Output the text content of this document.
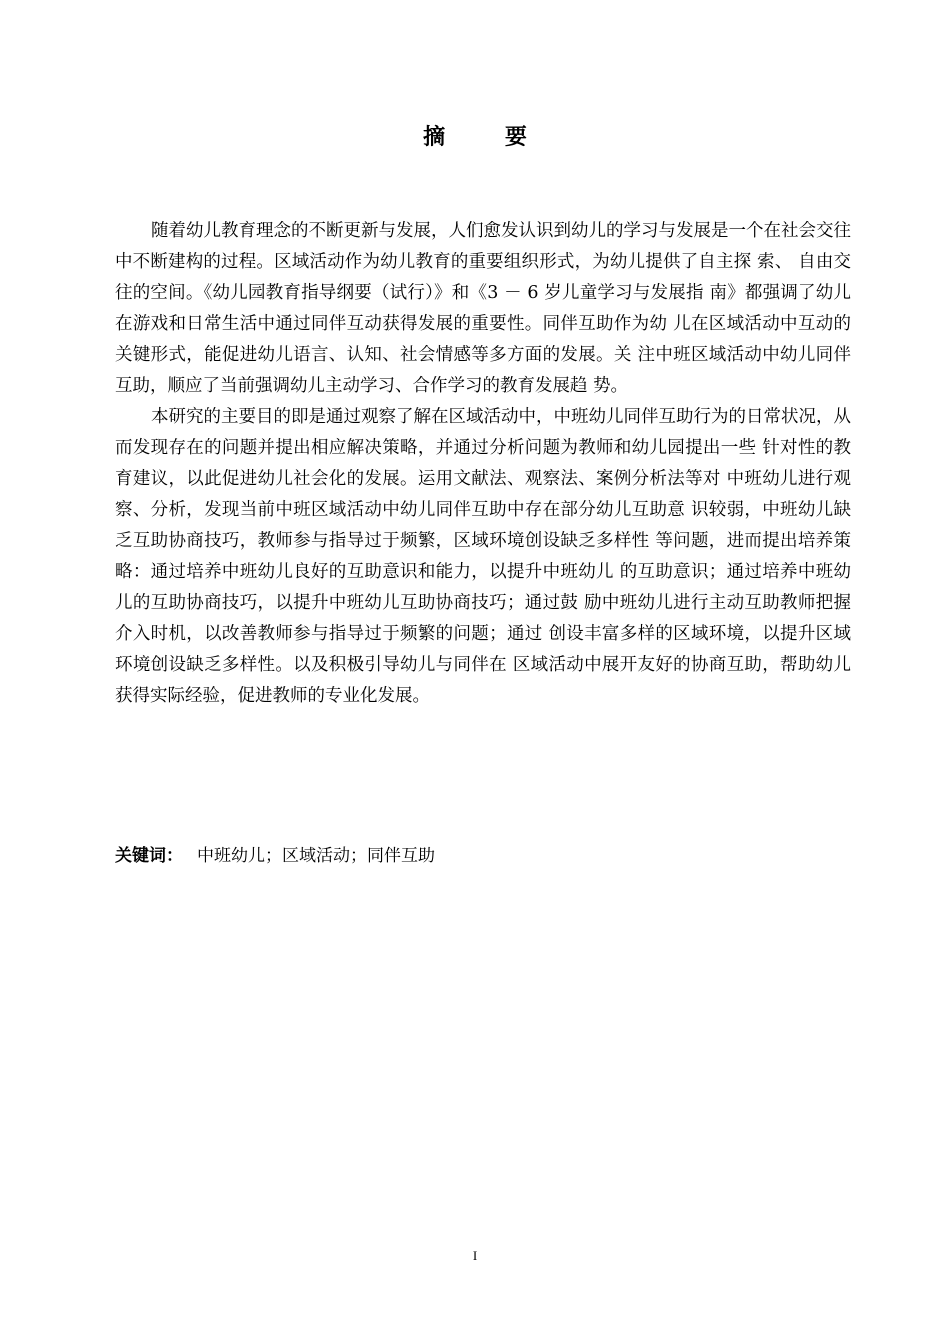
摘 要

随着幼儿教育理念的不断更新与发展，人们愈发认识到幼儿的学习与发展是一个在社会交往中不断建构的过程。区域活动作为幼儿教育的重要组织形式，为幼儿提供了自主探 索、 自由交往的空间。《幼儿园教育指导纲要（试行）》和《3 － 6 岁儿童学习与发展指 南》都强调了幼儿在游戏和日常生活中通过同伴互动获得发展的重要性。同伴互助作为幼 儿在区域活动中互动的关键形式，能促进幼儿语言、认知、社会情感等多方面的发展。关 注中班区域活动中幼儿同伴互助，顺应了当前强调幼儿主动学习、合作学习的教育发展趋 势。

本研究的主要目的即是通过观察了解在区域活动中，中班幼儿同伴互助行为的日常状况，从而发现存在的问题并提出相应解决策略，并通过分析问题为教师和幼儿园提出一些 针对性的教育建议，以此促进幼儿社会化的发展。运用文献法、观察法、案例分析法等对 中班幼儿进行观察、分析，发现当前中班区域活动中幼儿同伴互助中存在部分幼儿互助意 识较弱，中班幼儿缺乏互助协商技巧，教师参与指导过于频繁，区域环境创设缺乏多样性 等问题，进而提出培养策略：通过培养中班幼儿良好的互助意识和能力，以提升中班幼儿 的互助意识；通过培养中班幼儿的互助协商技巧，以提升中班幼儿互助协商技巧；通过鼓 励中班幼儿进行主动互助教师把握介入时机，以改善教师参与指导过于频繁的问题；通过 创设丰富多样的区域环境，以提升区域环境创设缺乏多样性。以及积极引导幼儿与同伴在 区域活动中展开友好的协商互助，帮助幼儿获得实际经验，促进教师的专业化发展。

关键词： 中班幼儿；区域活动；同伴互助
I
